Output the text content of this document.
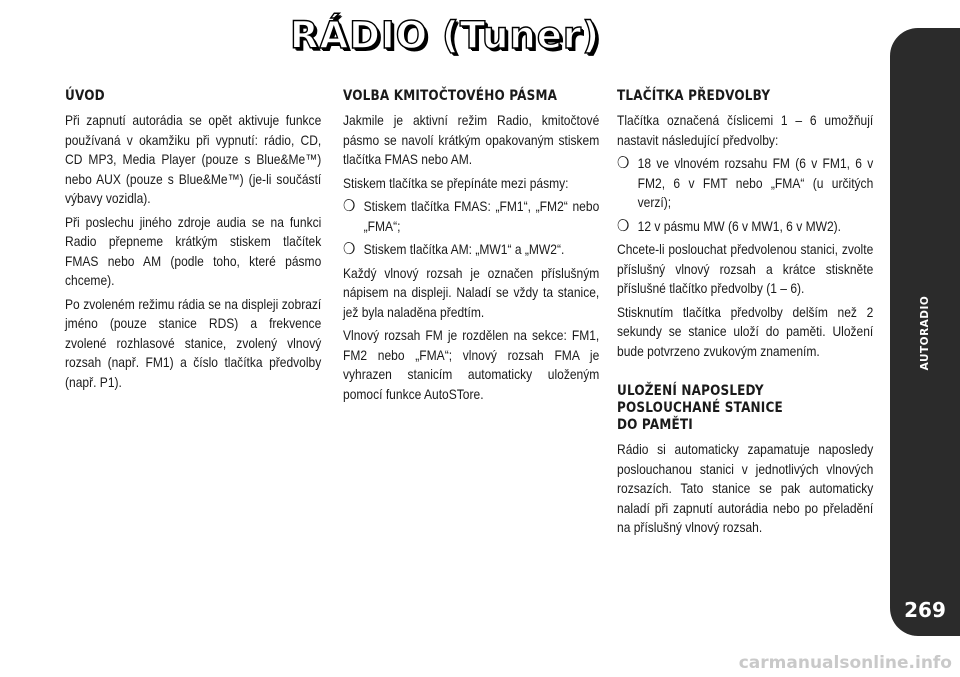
RÁDIO (Tuner)
ÚVOD

Při zapnutí autorádia se opět aktivuje funkce používaná v okamžiku při vypnutí: rádio, CD, CD MP3, Media Player (pouze s Blue&Me™) nebo AUX (pouze s Blue&Me™) (je-li součástí výbavy vozidla).

Při poslechu jiného zdroje audia se na funkci Radio přepneme krátkým stiskem tlačítek FMAS nebo AM (podle toho, které pásmo chceme).

Po zvoleném režimu rádia se na displeji zobrazí jméno (pouze stanice RDS) a frekvence zvolené rozhlasové stanice, zvolený vlnový rozsah (např. FM1) a číslo tlačítka předvolby (např. P1).

VOLBA KMITOČTOVÉHO PÁSMA

Jakmile je aktivní režim Radio, kmitočtové pásmo se navolí krátkým opakovaným stiskem tlačítka FMAS nebo AM.

Stiskem tlačítka se přepínáte mezi pásmy:

❍ Stiskem tlačítka FMAS: „FM1“, „FM2“ nebo „FMA“;
❍ Stiskem tlačítka AM: „MW1“ a „MW2“.

Každý vlnový rozsah je označen příslušným nápisem na displeji. Naladí se vždy ta stanice, jež byla naladěna předtím.

Vlnový rozsah FM je rozdělen na sekce: FM1, FM2 nebo „FMA“; vlnový rozsah FMA je vyhrazen stanicím automaticky uloženým pomocí funkce AutoSTore.

TLAČÍTKA PŘEDVOLBY

Tlačítka označená číslicemi 1 – 6 umožňují nastavit následující předvolby:

❍ 18 ve vlnovém rozsahu FM (6 v FM1, 6 v FM2, 6 v FMT nebo „FMA“ (u určitých verzí);
❍ 12 v pásmu MW (6 v MW1, 6 v MW2).

Chcete-li poslouchat předvolenou stanici, zvolte příslušný vlnový rozsah a krátce stiskněte příslušné tlačítko předvolby (1 – 6).

Stisknutím tlačítka předvolby delším než 2 sekundy se stanice uloží do paměti. Uložení bude potvrzeno zvukovým znamením.

ULOŽENÍ NAPOSLEDY
POSLOUCHANÉ STANICE
DO PAMĚTI

Rádio si automaticky zapamatuje naposledy poslouchanou stanici v jednotlivých vlnových rozsazích. Tato stanice se pak automaticky naladí při zapnutí autorádia nebo po přeladění na příslušný vlnový rozsah.

AUTORADIO
269
carmanualsonline.info
